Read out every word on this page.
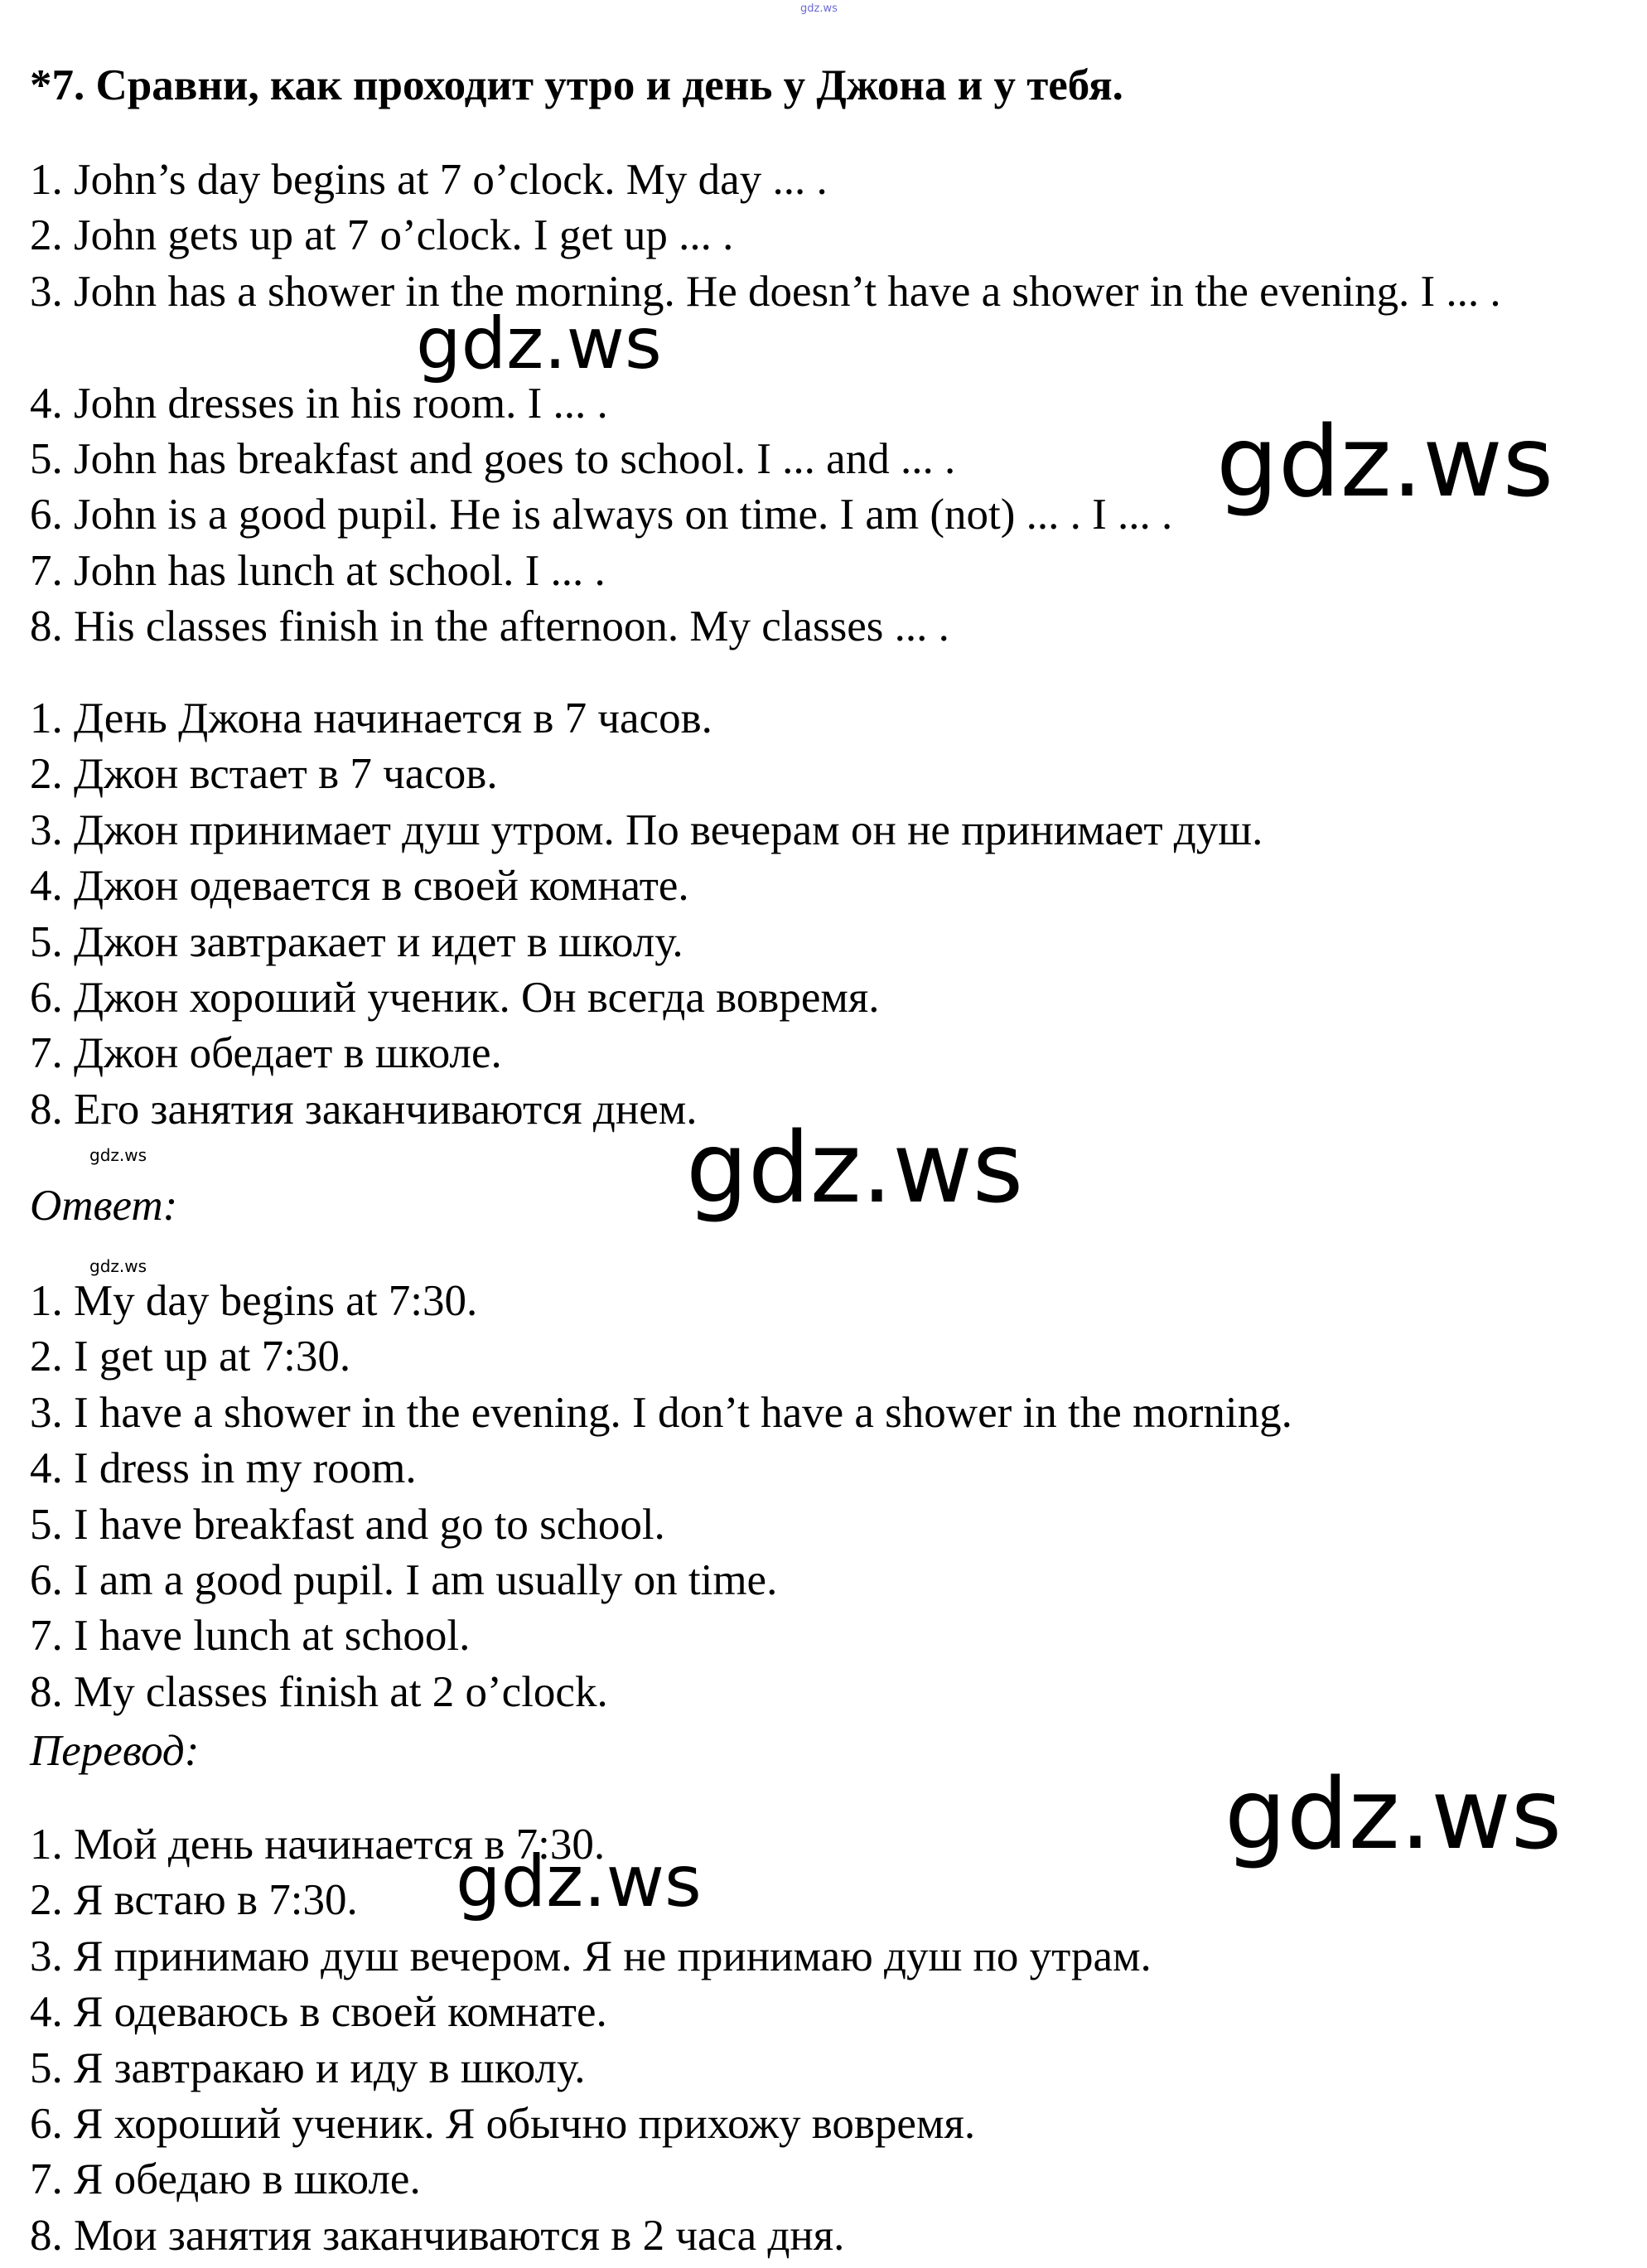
gdz.ws
*7. Сравни, как проходит утро и день у Джона и у тебя.
1. John’s day begins at 7 o’clock. My day ... .
2. John gets up at 7 o’clock. I get up ... .
3. John has a shower in the morning. He doesn’t have a shower in the evening. I ... .
4. John dresses in his room. I ... .
5. John has breakfast and goes to school. I ... and ... .
6. John is a good pupil. He is always on time. I am (not) ... . I ... .
7. John has lunch at school. I ... .
8. His classes finish in the afternoon. My classes ... .
1. День Джона начинается в 7 часов.
2. Джон встает в 7 часов.
3. Джон принимает душ утром. По вечерам он не принимает душ.
4. Джон одевается в своей комнате.
5. Джон завтракает и идет в школу.
6. Джон хороший ученик. Он всегда вовремя.
7. Джон обедает в школе.
8. Его занятия заканчиваются днем.

Ответ:

1. My day begins at 7:30.
2. I get up at 7:30.
3. I have a shower in the evening. I don’t have a shower in the morning.
4. I dress in my room.
5. I have breakfast and go to school.
6. I am a good pupil. I am usually on time.
7. I have lunch at school.
8. My classes finish at 2 o’clock.

Перевод:

1. Мой день начинается в 7:30.
2. Я встаю в 7:30.
3. Я принимаю душ вечером. Я не принимаю душ по утрам.
4. Я одеваюсь в своей комнате.
5. Я завтракаю и иду в школу.
6. Я хороший ученик. Я обычно прихожу вовремя.
7. Я обедаю в школе.
8. Мои занятия заканчиваются в 2 часа дня.
gdz.ws
gdz.ws
gdz.ws
gdz.ws
gdz.ws
gdz.ws
gdz.ws
